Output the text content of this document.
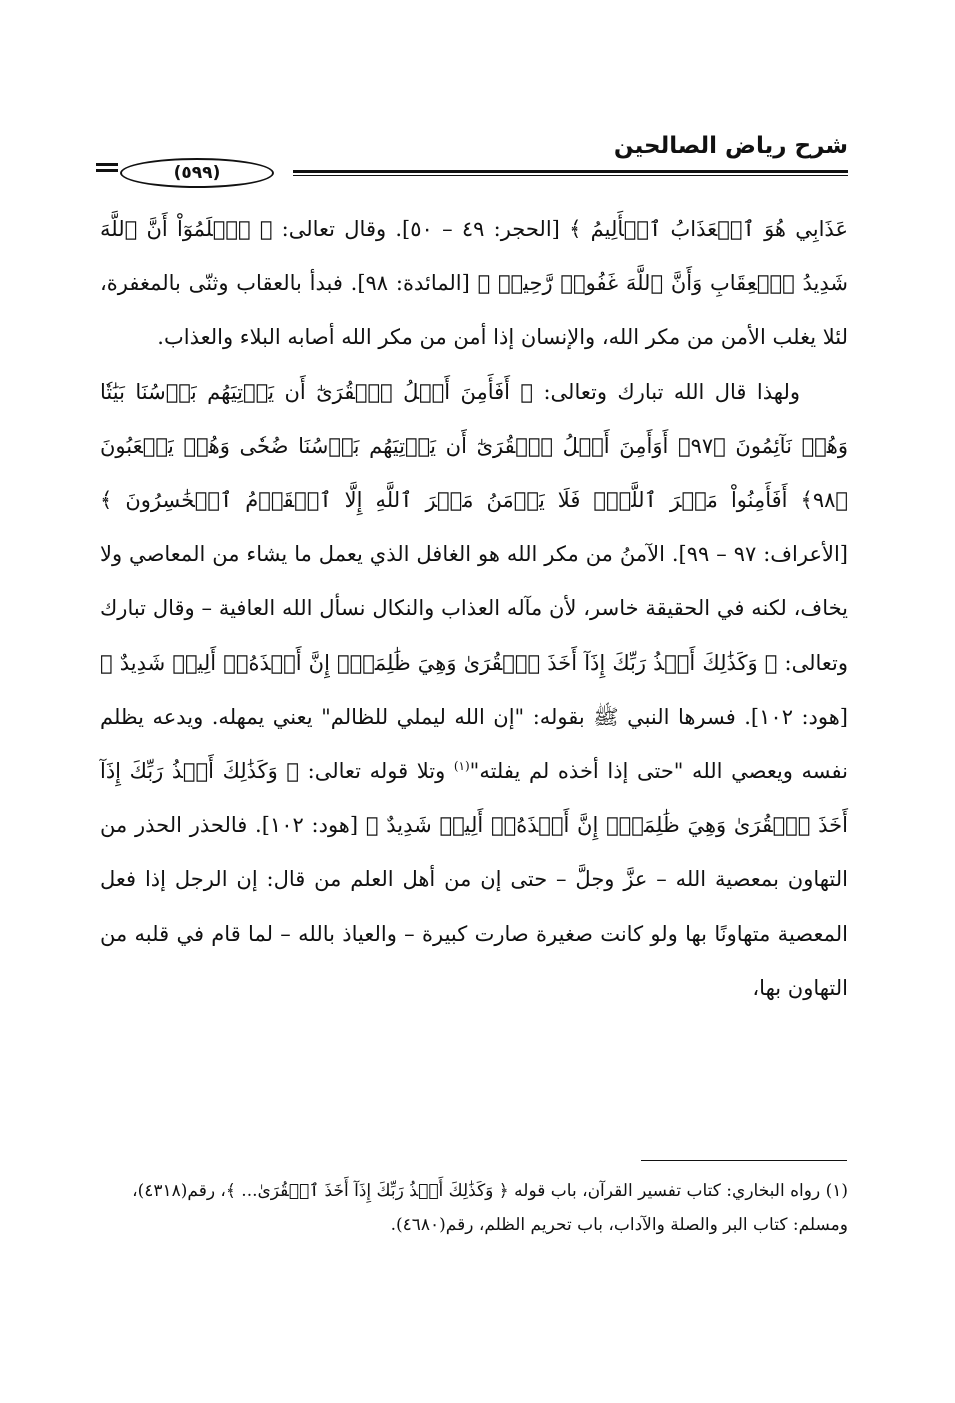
شرح رياض الصالحين
(٥٩٩)

عَذَابِي هُوَ ٱلۡعَذَابُ ٱلۡأَلِيمُ ﴾ [الحجر: ٤٩ – ٥٠]. وقال تعالى: ﴿ ٱعۡلَمُوٓاْ أَنَّ ٱللَّهَ شَدِيدُ ٱلۡعِقَابِ وَأَنَّ ٱللَّهَ غَفُورٞ رَّحِيمٞ ﴾ [المائدة: ٩٨]. فبدأ بالعقاب وثنّى بالمغفرة، لئلا يغلب الأمن من مكر الله، والإنسان إذا أمن من مكر الله أصابه البلاء والعذاب.

ولهذا قال الله تبارك وتعالى: ﴿ أَفَأَمِنَ أَهۡلُ ٱلۡقُرَىٰٓ أَن يَأۡتِيَهُم بَأۡسُنَا بَيَٰتٗا وَهُمۡ نَآئِمُونَ ﴿٩٧﴾ أَوَأَمِنَ أَهۡلُ ٱلۡقُرَىٰٓ أَن يَأۡتِيَهُم بَأۡسُنَا ضُحٗى وَهُمۡ يَلۡعَبُونَ ﴿٩٨﴾ أَفَأَمِنُواْ مَكۡرَ ٱللَّهِۚ فَلَا يَأۡمَنُ مَكۡرَ ٱللَّهِ إِلَّا ٱلۡقَوۡمُ ٱلۡخَٰسِرُونَ ﴾ [الأعراف: ٩٧ – ٩٩]. الآمنُ من مكر الله هو الغافل الذي يعمل ما يشاء من المعاصي ولا يخاف، لكنه في الحقيقة خاسر، لأن مآله العذاب والنكال نسأل الله العافية – وقال تبارك وتعالى: ﴿ وَكَذَٰلِكَ أَخۡذُ رَبِّكَ إِذَآ أَخَذَ ٱلۡقُرَىٰ وَهِيَ ظَٰلِمَةٌۚ إِنَّ أَخۡذَهُۥٓ أَلِيمٞ شَدِيدٌ ﴾ [هود: ١٠٢]. فسرها النبي ﷺ بقوله: "إن الله ليملي للظالم" يعني يمهله. ويدعه يظلم نفسه ويعصي الله "حتى إذا أخذه لم يفلته"$^{(١)}$ وتلا قوله تعالى: ﴿ وَكَذَٰلِكَ أَخۡذُ رَبِّكَ إِذَآ أَخَذَ ٱلۡقُرَىٰ وَهِيَ ظَٰلِمَةٌۚ إِنَّ أَخۡذَهُۥٓ أَلِيمٞ شَدِيدٌ ﴾ [هود: ١٠٢]. فالحذر الحذر من التهاون بمعصية الله – عزَّ وجلَّ – حتى إن من أهل العلم من قال: إن الرجل إذا فعل المعصية متهاونًا بها ولو كانت صغيرة صارت كبيرة – والعياذ بالله – لما قام في قلبه من التهاون بها،

(١) رواه البخاري: كتاب تفسير القرآن، باب قوله ﴿ وَكَذَٰلِكَ أَخۡذُ رَبِّكَ إِذَآ أَخَذَ ٱلۡقُرَىٰ... ﴾، رقم(٤٣١٨)، ومسلم: كتاب البر والصلة والآداب، باب تحريم الظلم، رقم(٤٦٨٠).
